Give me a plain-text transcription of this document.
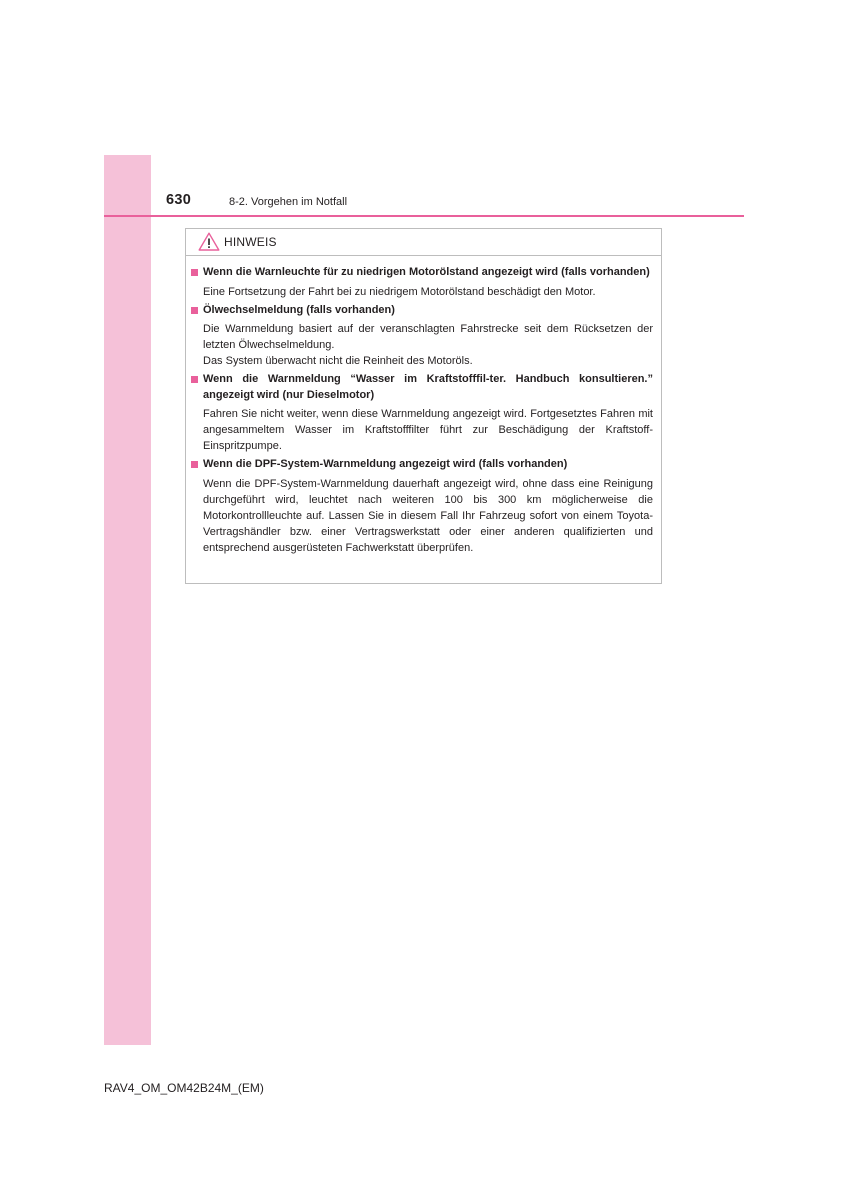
630	8-2. Vorgehen im Notfall
HINWEIS
Wenn die Warnleuchte für zu niedrigen Motorölstand angezeigt wird (falls vorhanden)
Eine Fortsetzung der Fahrt bei zu niedrigem Motorölstand beschädigt den Motor.
Ölwechselmeldung (falls vorhanden)
Die Warnmeldung basiert auf der veranschlagten Fahrstrecke seit dem Rücksetzen der letzten Ölwechselmeldung.
Das System überwacht nicht die Reinheit des Motoröls.
Wenn die Warnmeldung “Wasser im Kraftstofffil-ter. Handbuch konsultieren.” angezeigt wird (nur Dieselmotor)
Fahren Sie nicht weiter, wenn diese Warnmeldung angezeigt wird. Fortgesetztes Fahren mit angesammeltem Wasser im Kraftstofffilter führt zur Beschädigung der Kraftstoff-Einspritzpumpe.
Wenn die DPF-System-Warnmeldung angezeigt wird (falls vorhanden)
Wenn die DPF-System-Warnmeldung dauerhaft angezeigt wird, ohne dass eine Reinigung durchgeführt wird, leuchtet nach weiteren 100 bis 300 km möglicherweise die Motorkontrollleuchte auf. Lassen Sie in diesem Fall Ihr Fahrzeug sofort von einem Toyota-Vertragshändler bzw. einer Vertragswerkstatt oder einer anderen qualifizierten und entsprechend ausgerüsteten Fachwerkstatt überprüfen.
RAV4_OM_OM42B24M_(EM)
